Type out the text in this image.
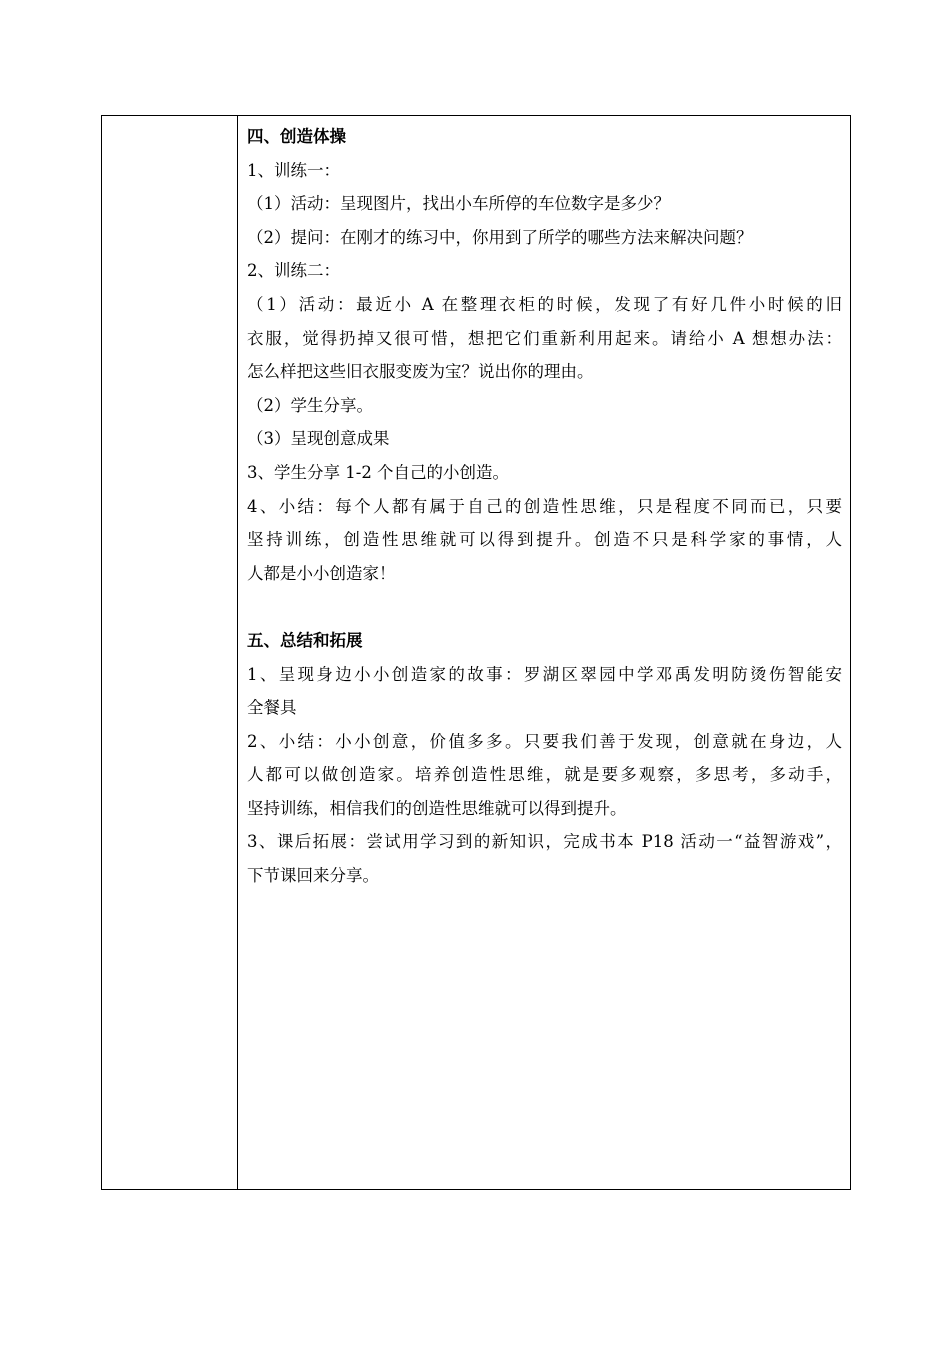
四、创造体操
1、训练一：
（1）活动：呈现图片，找出小车所停的车位数字是多少？
（2）提问：在刚才的练习中，你用到了所学的哪些方法来解决问题？
2、训练二：
（1）活动：最近小 A 在整理衣柜的时候，发现了有好几件小时候的旧
衣服，觉得扔掉又很可惜，想把它们重新利用起来。请给小 A 想想办法：
怎么样把这些旧衣服变废为宝？说出你的理由。
（2）学生分享。
（3）呈现创意成果
3、学生分享 1-2 个自己的小创造。
4、小结：每个人都有属于自己的创造性思维，只是程度不同而已，只要
坚持训练，创造性思维就可以得到提升。创造不只是科学家的事情，人
人都是小小创造家！
五、总结和拓展
1、呈现身边小小创造家的故事：罗湖区翠园中学邓禹发明防烫伤智能安
全餐具
2、小结：小小创意，价值多多。只要我们善于发现，创意就在身边，人
人都可以做创造家。培养创造性思维，就是要多观察，多思考，多动手，
坚持训练，相信我们的创造性思维就可以得到提升。
3、课后拓展：尝试用学习到的新知识，完成书本 P18 活动一“益智游戏”，
下节课回来分享。
